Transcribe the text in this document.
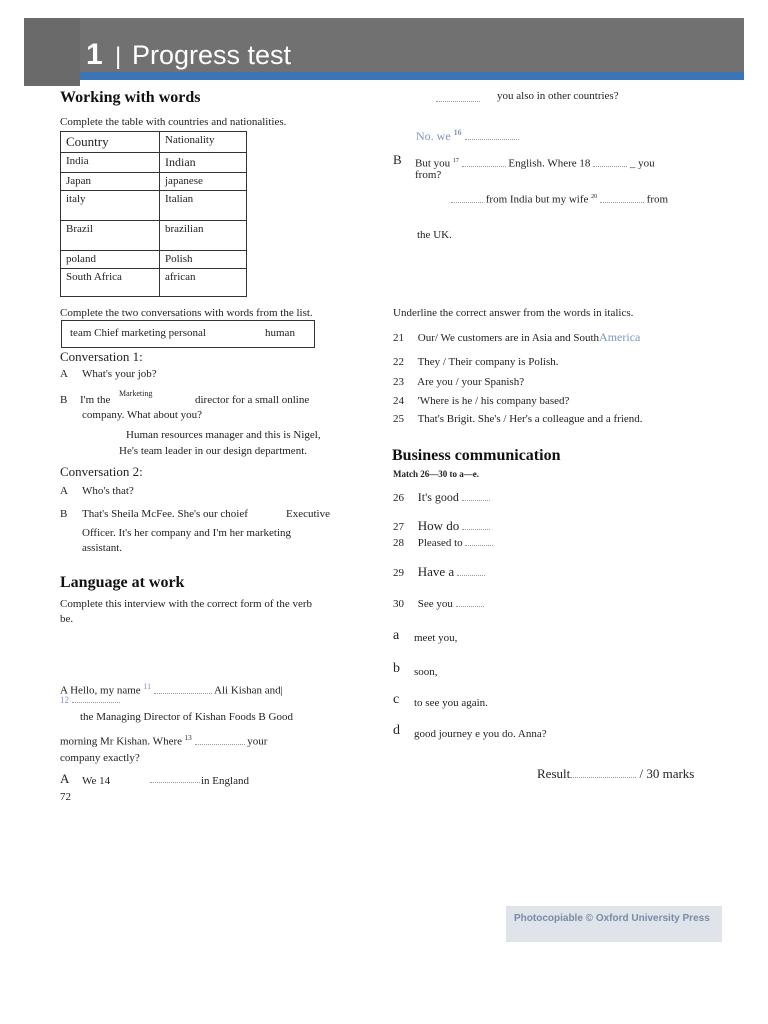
1 | Progress test
Working with words
Complete the table with countries and nationalities.
Country	Nationality
India	Indian
Japan	japanese
italy	Italian
Brazil	brazilian
poland	Polish
South Africa	african
Complete the two conversations with words from the list.
team Chief marketing personal	human
Conversation 1:
A What's your job?
B I'm the
Marketing
director for a small online
company. What about you?
Human resources manager and this is Nigel,
He's team leader in our design department.
Conversation 2:
A Who's that?
B That's Sheila McFee. She's our choief	Executive
Officer. It's her company and I'm her marketing
assistant.
Language at work
Complete this interview with the correct form of the verb
be.
A Hello, my name $^{11}$	Ali Kishan and|
12
the Managing Director of Kishan Foods B Good
morning Mr Kishan. Where $^{13}$	your
company exactly?
A We 14	in England
72
you also in other countries?
No. we $^{16}$
B But you $^{17}$	English. Where 18	_ you
from?
from India but my wife $^{20}$	from
the UK.
Underline the correct answer from the words in italics.
21 Our/ We customers are in Asia and SouthAmerica
22 They / Their company is Polish.
23 Are you / your Spanish?
24 'Where is he / his company based?
25 That's Brigit. She's / Her's a colleague and a friend.
Business communication
Match 26—30 to a—e.
26 It's good
27 How do
28 Pleased to
29 Have a
30 See you
a meet you,
b soon,
c to see you again.
d good journey e you do. Anna?
Result	/ 30 marks
Photocopiable © Oxford University Press
